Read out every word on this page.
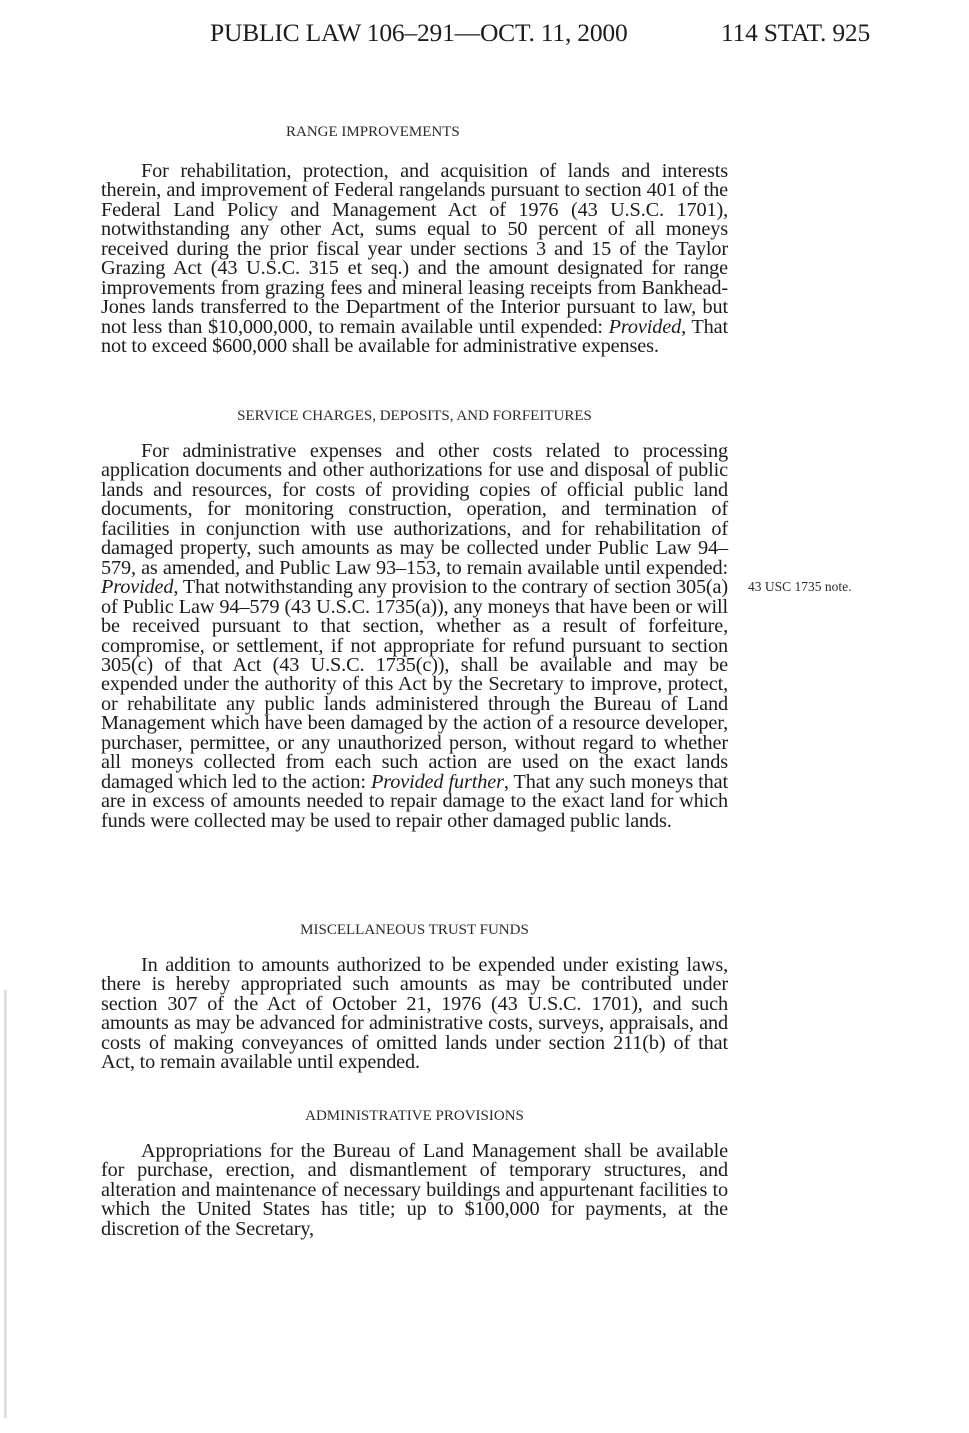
PUBLIC LAW 106–291—OCT. 11, 2000	114 STAT. 925
RANGE IMPROVEMENTS

For rehabilitation, protection, and acquisition of lands and interests therein, and improvement of Federal rangelands pursuant to section 401 of the Federal Land Policy and Management Act of 1976 (43 U.S.C. 1701), notwithstanding any other Act, sums equal to 50 percent of all moneys received during the prior fiscal year under sections 3 and 15 of the Taylor Grazing Act (43 U.S.C. 315 et seq.) and the amount designated for range improvements from grazing fees and mineral leasing receipts from Bankhead-Jones lands transferred to the Department of the Interior pursuant to law, but not less than $10,000,000, to remain available until expended: Provided, That not to exceed $600,000 shall be available for administrative expenses.

SERVICE CHARGES, DEPOSITS, AND FORFEITURES

For administrative expenses and other costs related to processing application documents and other authorizations for use and disposal of public lands and resources, for costs of providing copies of official public land documents, for monitoring construction, operation, and termination of facilities in conjunction with use authorizations, and for rehabilitation of damaged property, such amounts as may be collected under Public Law 94–579, as amended, and Public Law 93–153, to remain available until expended: Provided, That notwithstanding any provision to the contrary of section 305(a) of Public Law 94–579 (43 U.S.C. 1735(a)), any moneys that have been or will be received pursuant to that section, whether as a result of forfeiture, compromise, or settlement, if not appropriate for refund pursuant to section 305(c) of that Act (43 U.S.C. 1735(c)), shall be available and may be expended under the authority of this Act by the Secretary to improve, protect, or rehabilitate any public lands administered through the Bureau of Land Management which have been damaged by the action of a resource developer, purchaser, permittee, or any unauthorized person, without regard to whether all moneys collected from each such action are used on the exact lands damaged which led to the action: Provided further, That any such moneys that are in excess of amounts needed to repair damage to the exact land for which funds were collected may be used to repair other damaged public lands.

43 USC 1735 note.
MISCELLANEOUS TRUST FUNDS

In addition to amounts authorized to be expended under existing laws, there is hereby appropriated such amounts as may be contributed under section 307 of the Act of October 21, 1976 (43 U.S.C. 1701), and such amounts as may be advanced for administrative costs, surveys, appraisals, and costs of making conveyances of omitted lands under section 211(b) of that Act, to remain available until expended.

ADMINISTRATIVE PROVISIONS

Appropriations for the Bureau of Land Management shall be available for purchase, erection, and dismantlement of temporary structures, and alteration and maintenance of necessary buildings and appurtenant facilities to which the United States has title; up to $100,000 for payments, at the discretion of the Secretary,
